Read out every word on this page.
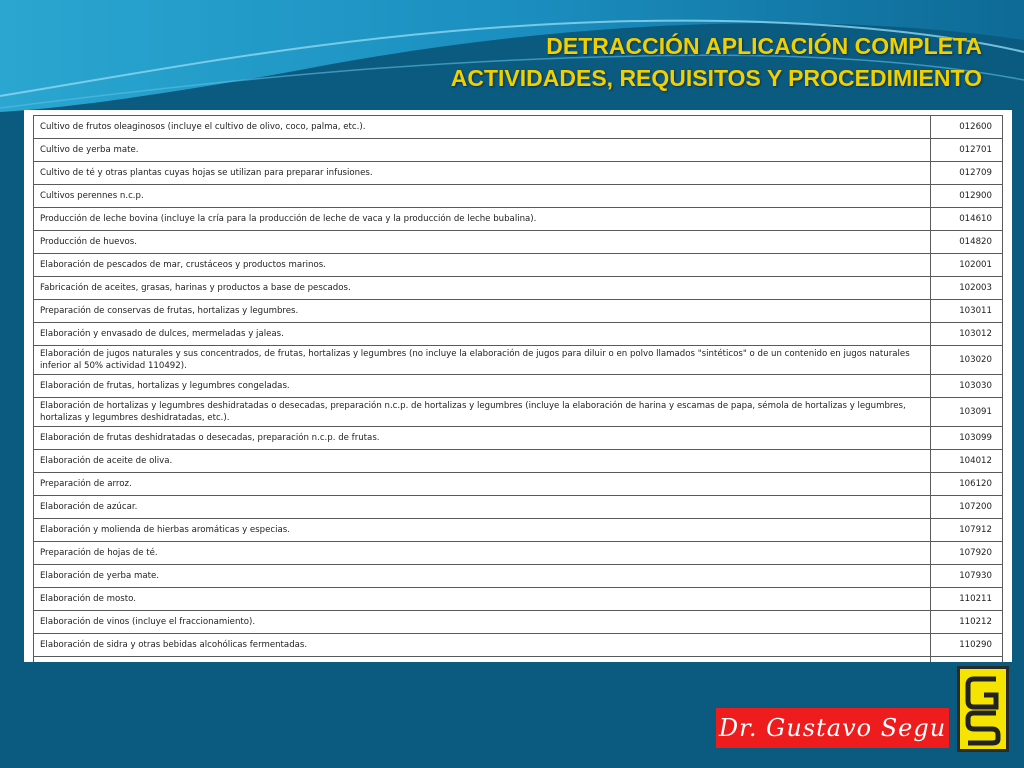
DETRACCIÓN APLICACIÓN COMPLETA
ACTIVIDADES, REQUISITOS Y PROCEDIMIENTO
Cultivo de frutos oleaginosos (incluye el cultivo de olivo, coco, palma, etc.).	012600
Cultivo de yerba mate.	012701
Cultivo de té y otras plantas cuyas hojas se utilizan para preparar infusiones.	012709
Cultivos perennes n.c.p.	012900
Producción de leche bovina (incluye la cría para la producción de leche de vaca y la producción de leche bubalina).	014610
Producción de huevos.	014820
Elaboración de pescados de mar, crustáceos y productos marinos.	102001
Fabricación de aceites, grasas, harinas y productos a base de pescados.	102003
Preparación de conservas de frutas, hortalizas y legumbres.	103011
Elaboración y envasado de dulces, mermeladas y jaleas.	103012
Elaboración de jugos naturales y sus concentrados, de frutas, hortalizas y legumbres (no incluye la elaboración de jugos para diluir o en polvo llamados "sintéticos" o de un contenido en jugos naturales inferior al 50% actividad 110492).	103020
Elaboración de frutas, hortalizas y legumbres congeladas.	103030
Elaboración de hortalizas y legumbres deshidratadas o desecadas, preparación n.c.p. de hortalizas y legumbres (incluye la elaboración de harina y escamas de papa, sémola de hortalizas y legumbres, hortalizas y legumbres deshidratadas, etc.).	103091
Elaboración de frutas deshidratadas o desecadas, preparación n.c.p. de frutas.	103099
Elaboración de aceite de oliva.	104012
Preparación de arroz.	106120
Elaboración de azúcar.	107200
Elaboración y molienda de hierbas aromáticas y especias.	107912
Preparación de hojas de té.	107920
Elaboración de yerba mate.	107930
Elaboración de mosto.	110211
Elaboración de vinos (incluye el fraccionamiento).	110212
Elaboración de sidra y otras bebidas alcohólicas fermentadas.	110290

Dr. Gustavo Segu
